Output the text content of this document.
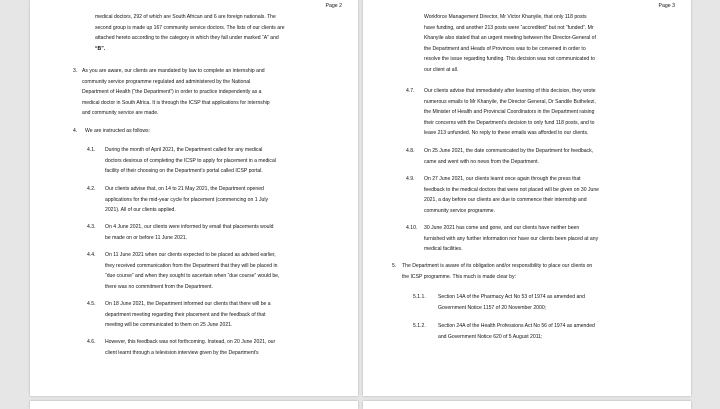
Page 2
medical doctors, 292 of which are South African and 6 are foreign nationals. The
second group is made up 167 community service doctors. The lists of our clients are
attached hereto according to the category in which they fall under marked “A” and
“B”.
3. As you are aware, our clients are mandated by law to complete an internship and
community service programme regulated and administered by the National
Department of Health (“the Department”) in order to practice independently as a
medical doctor in South Africa. It is through the ICSP that applications for internship
and community service are made.
4. We are instructed as follows:
4.1. During the month of April 2021, the Department called for any medical
doctors desirous of completing the ICSP to apply for placement in a medical
facility of their choosing on the Department's portal called ICSP portal.
4.2. Our clients advise that, on 14 to 21 May 2021, the Department opened
applications for the mid-year cycle for placement (commencing on 1 July
2021). All of our clients applied.
4.3. On 4 June 2021, our clients were informed by email that placements would
be made on or before 11 June 2021.
4.4. On 11 June 2021 when our clients expected to be placed as advised earlier,
they received communication from the Department that they will be placed in
“due course” and when they sought to ascertain when “due course” would be,
there was no commitment from the Department.
4.5. On 18 June 2021, the Department informed our clients that there will be a
department meeting regarding their placement and the feedback of that
meeting will be communicated to them on 25 June 2021.
4.6. However, this feedback was not forthcoming. Instead, on 20 June 2021, our
client learnt through a television interview given by the Department's
Page 3
Workforce Management Director, Mr Victor Khanyile, that only 118 posts
have funding, and another 213 posts were “accredited” but not “funded”. Mr
Khanyile also stated that an urgent meeting between the Director-General of
the Department and Heads of Provinces was to be convened in order to
resolve the issue regarding funding. This decision was not communicated to
our client at all.
4.7. Our clients advise that immediately after learning of this decision, they wrote
numerous emails to Mr Khanyile, the Director General, Dr Sandile Buthelezi,
the Minister of Health and Provincial Coordinators in the Department raising
their concerns with the Department's decision to only fund 118 posts, and to
leave 213 unfunded. No reply to these emails was afforded to our clients.
4.8. On 25 June 2021, the date communicated by the Department for feedback,
came and went with no news from the Department.
4.9. On 27 June 2021, our clients learnt once again through the press that
feedback to the medical doctors that were not placed will be given on 30 June
2021, a day before our clients are due to commence their internship and
community service programme.
4.10. 30 June 2021 has come and gone, and our clients have neither been
furnished with any further information nor have our clients been placed at any
medical facilities.
5. The Department is aware of its obligation and/or responsibility to place our clients on
the ICSP programme. This much is made clear by:
5.1.1. Section 14A of the Pharmacy Act No 53 of 1974 as amended and
Government Notice 1157 of 20 November 2000;
5.1.2. Section 24A of the Health Professions Act No 56 of 1974 as amended
and Government Notice 620 of 5 August 2011;
